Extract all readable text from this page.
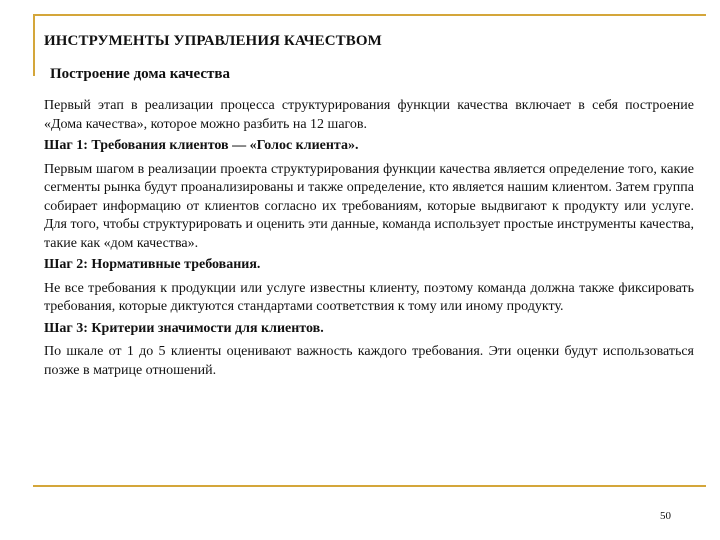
ИНСТРУМЕНТЫ УПРАВЛЕНИЯ КАЧЕСТВОМ
Построение дома качества

Первый этап в реализации процесса структурирования функции качества включает в себя построение «Дома качества», которое можно разбить на 12 шагов.

Шаг 1: Требования клиентов — «Голос клиента».

Первым шагом в реализации проекта структурирования функции качества является определение того, какие сегменты рынка будут проанализированы и также определение, кто является нашим клиентом. Затем группа собирает информацию от клиентов согласно их требованиям, которые выдвигают к продукту или услуге. Для того, чтобы структурировать и оценить эти данные, команда использует простые инструменты качества, такие как «дом качества».

Шаг 2: Нормативные требования.

Не все требования к продукции или услуге известны клиенту, поэтому команда должна также фиксировать требования, которые диктуются стандартами соответствия к тому или иному продукту.

Шаг 3: Критерии значимости для клиентов.

По шкале от 1 до 5 клиенты оценивают важность каждого требования. Эти оценки будут использоваться позже в матрице отношений.

50
